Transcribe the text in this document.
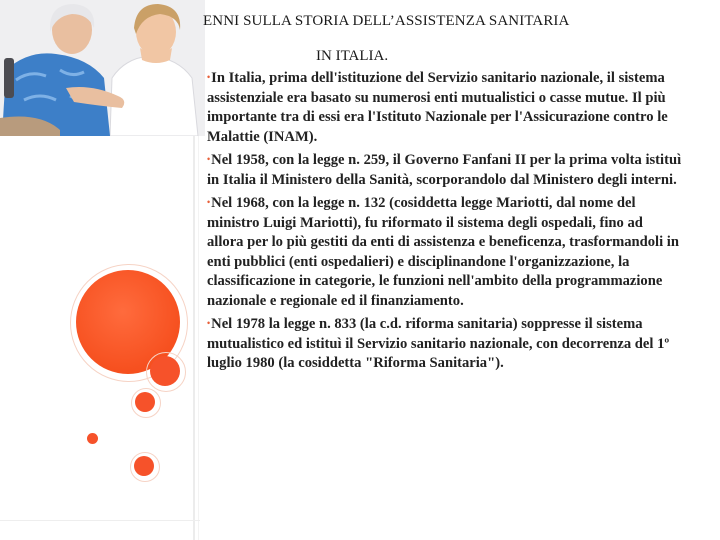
ENNI SULLA STORIA DELL’ASSISTENZA SANITARIA
IN ITALIA.

•In Italia, prima dell'istituzione del Servizio sanitario nazionale, il sistema assistenziale era basato su numerosi enti mutualistici o casse mutue. Il più importante tra di essi era l'Istituto Nazionale per l'Assicurazione contro le Malattie (INAM).

•Nel 1958, con la legge n. 259, il Governo Fanfani II per la prima volta istituì in Italia il Ministero della Sanità, scorporandolo dal Ministero degli interni.

•Nel 1968, con la legge n. 132 (cosiddetta legge Mariotti, dal nome del ministro Luigi Mariotti), fu riformato il sistema degli ospedali, fino ad allora per lo più gestiti da enti di assistenza e beneficenza, trasformandoli in enti pubblici (enti ospedalieri) e disciplinandone l'organizzazione, la classificazione in categorie, le funzioni nell'ambito della programmazione nazionale e regionale ed il finanziamento.

•Nel 1978 la legge n. 833 (la c.d. riforma sanitaria) soppresse il sistema mutualistico ed istituì il Servizio sanitario nazionale, con decorrenza del 1º luglio 1980 (la cosiddetta "Riforma Sanitaria").
